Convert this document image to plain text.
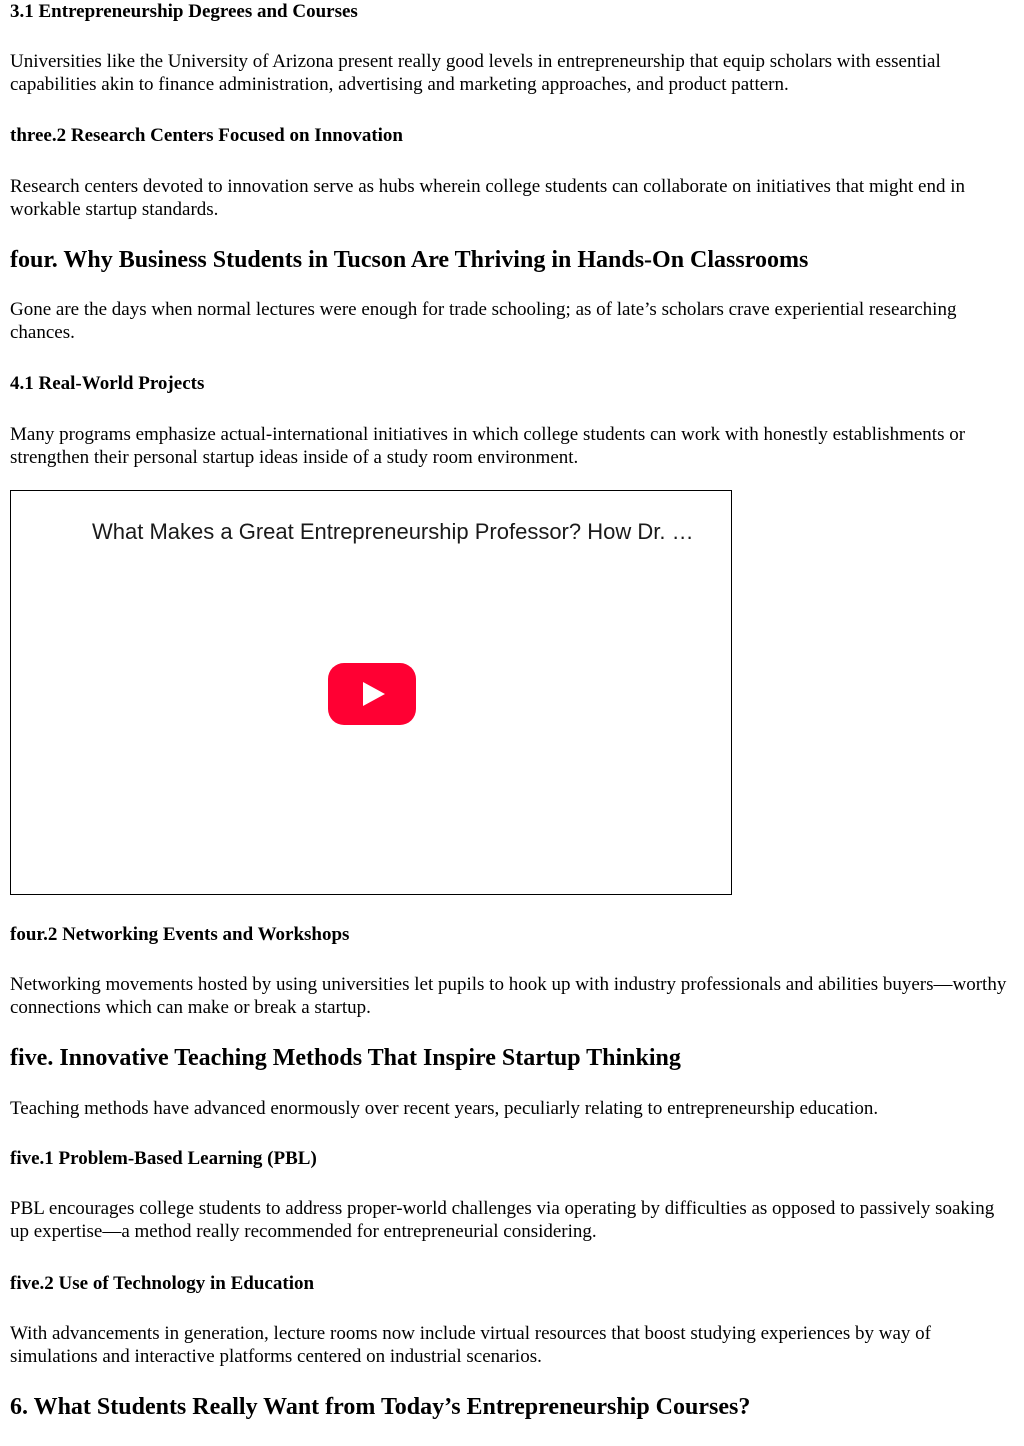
3.1 Entrepreneurship Degrees and Courses

Universities like the University of Arizona present really good levels in entrepreneurship that equip scholars with essential capabilities akin to finance administration, advertising and marketing approaches, and product pattern.

three.2 Research Centers Focused on Innovation

Research centers devoted to innovation serve as hubs wherein college students can collaborate on initiatives that might end in workable startup standards.

four. Why Business Students in Tucson Are Thriving in Hands-On Classrooms

Gone are the days when normal lectures were enough for trade schooling; as of late’s scholars crave experiential researching chances.

4.1 Real-World Projects

Many programs emphasize actual-international initiatives in which college students can work with honestly establishments or strengthen their personal startup ideas inside of a study room environment.

What Makes a Great Entrepreneurship Professor? How Dr. …
four.2 Networking Events and Workshops

Networking movements hosted by using universities let pupils to hook up with industry professionals and abilities buyers—worthy connections which can make or break a startup.

five. Innovative Teaching Methods That Inspire Startup Thinking

Teaching methods have advanced enormously over recent years, peculiarly relating to entrepreneurship education.

five.1 Problem-Based Learning (PBL)

PBL encourages college students to address proper-world challenges via operating by difficulties as opposed to passively soaking up expertise—a method really recommended for entrepreneurial considering.

five.2 Use of Technology in Education

With advancements in generation, lecture rooms now include virtual resources that boost studying experiences by way of simulations and interactive platforms centered on industrial scenarios.

6. What Students Really Want from Today’s Entrepreneurship Courses?
